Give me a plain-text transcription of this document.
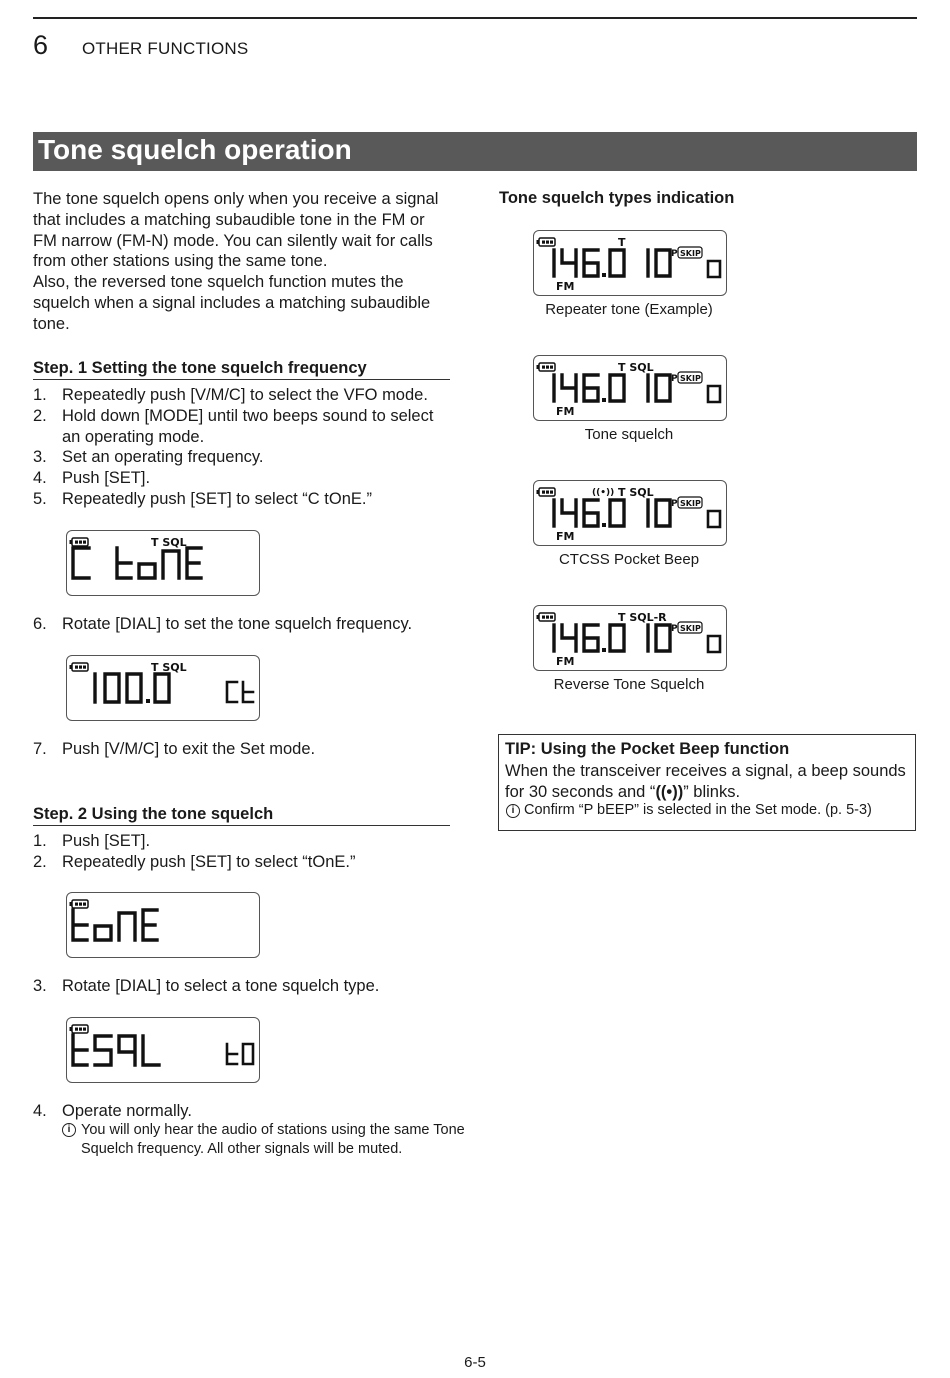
6 OTHER FUNCTIONS
Tone squelch operation
The tone squelch opens only when you receive a signal that includes a matching subaudible tone in the FM or FM narrow (FM-N) mode. You can silently wait for calls from other stations using the same tone.
Also, the reversed tone squelch function mutes the squelch when a signal includes a matching subaudible tone.
Step. 1 Setting the tone squelch frequency
1. Repeatedly push [V/M/C] to select the VFO mode.
2. Hold down [MODE] until two beeps sound to select an operating mode.
3. Set an operating frequency.
4. Push [SET].
5. Repeatedly push [SET] to select “C tOnE.”
T SQL
6. Rotate [DIAL] to set the tone squelch frequency.
T SQL
7. Push [V/M/C] to exit the Set mode.
Step. 2 Using the tone squelch
1. Push [SET].
2. Repeatedly push [SET] to select “tOnE.”
3. Rotate [DIAL] to select a tone squelch type.
4. Operate normally.
i You will only hear the audio of stations using the same Tone Squelch frequency. All other signals will be muted.
Tone squelch types indication
T
FM
P SKIP
Repeater tone (Example)
T SQL
FM
P SKIP
Tone squelch
T SQL
FM
P SKIP
((•))
CTCSS Pocket Beep
T SQL-R
FM
P SKIP
Reverse Tone Squelch
TIP: Using the Pocket Beep function
When the transceiver receives a signal, a beep sounds for 30 seconds and “((•))” blinks.
i Confirm “P bEEP” is selected in the Set mode. (p. 5-3)
6-5
